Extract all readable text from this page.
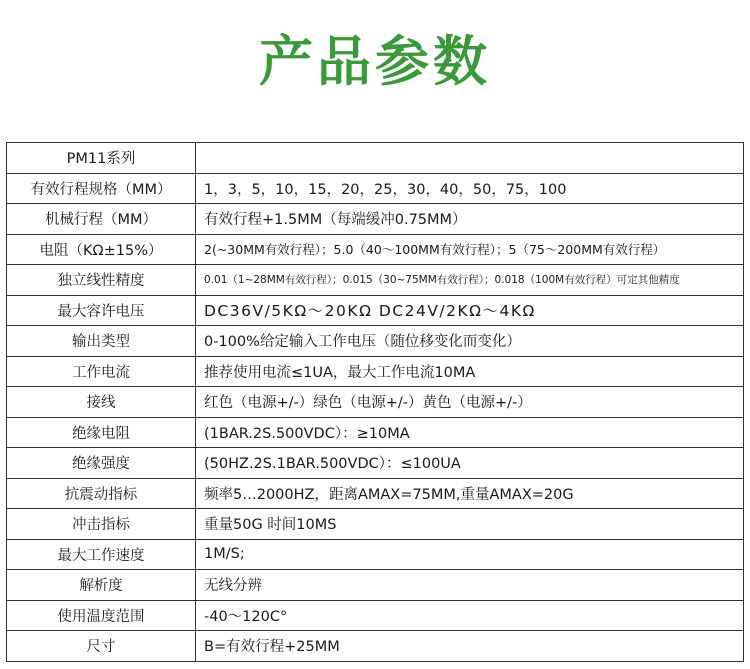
产品参数
PM11系列	
有效行程规格（MM）	1，3，5，10，15，20，25，30，40，50，75，100
机械行程（MM）	有效行程+1.5MM（每端缓冲0.75MM）
电阻（KΩ±15%）	2(~30MM有效行程）；5.0（40～100MM有效行程）；5（75～200MM有效行程）
独立线性精度	0.01（1~28MM有效行程）；0.015（30~75MM有效行程）；0.018（100M有效行程）可定其他精度
最大容许电压	DC36V/5KΩ～20KΩ DC24V/2KΩ～4KΩ
输出类型	0-100%给定输入工作电压（随位移变化而变化）
工作电流	推荐使用电流≤1UA，最大工作电流10MA
接线	红色（电源+/-）绿色（电源+/-）黄色（电源+/-）
绝缘电阻	(1BAR.2S.500VDC）：≥10MA
绝缘强度	(50HZ.2S.1BAR.500VDC）：≤100UA
抗震动指标	频率5…2000HZ，距离AMAX=75MM,重量AMAX=20G
冲击指标	重量50G 时间10MS
最大工作速度	1M/S;
解析度	无线分辨
使用温度范围	-40～120C°
尺寸	B=有效行程+25MM
